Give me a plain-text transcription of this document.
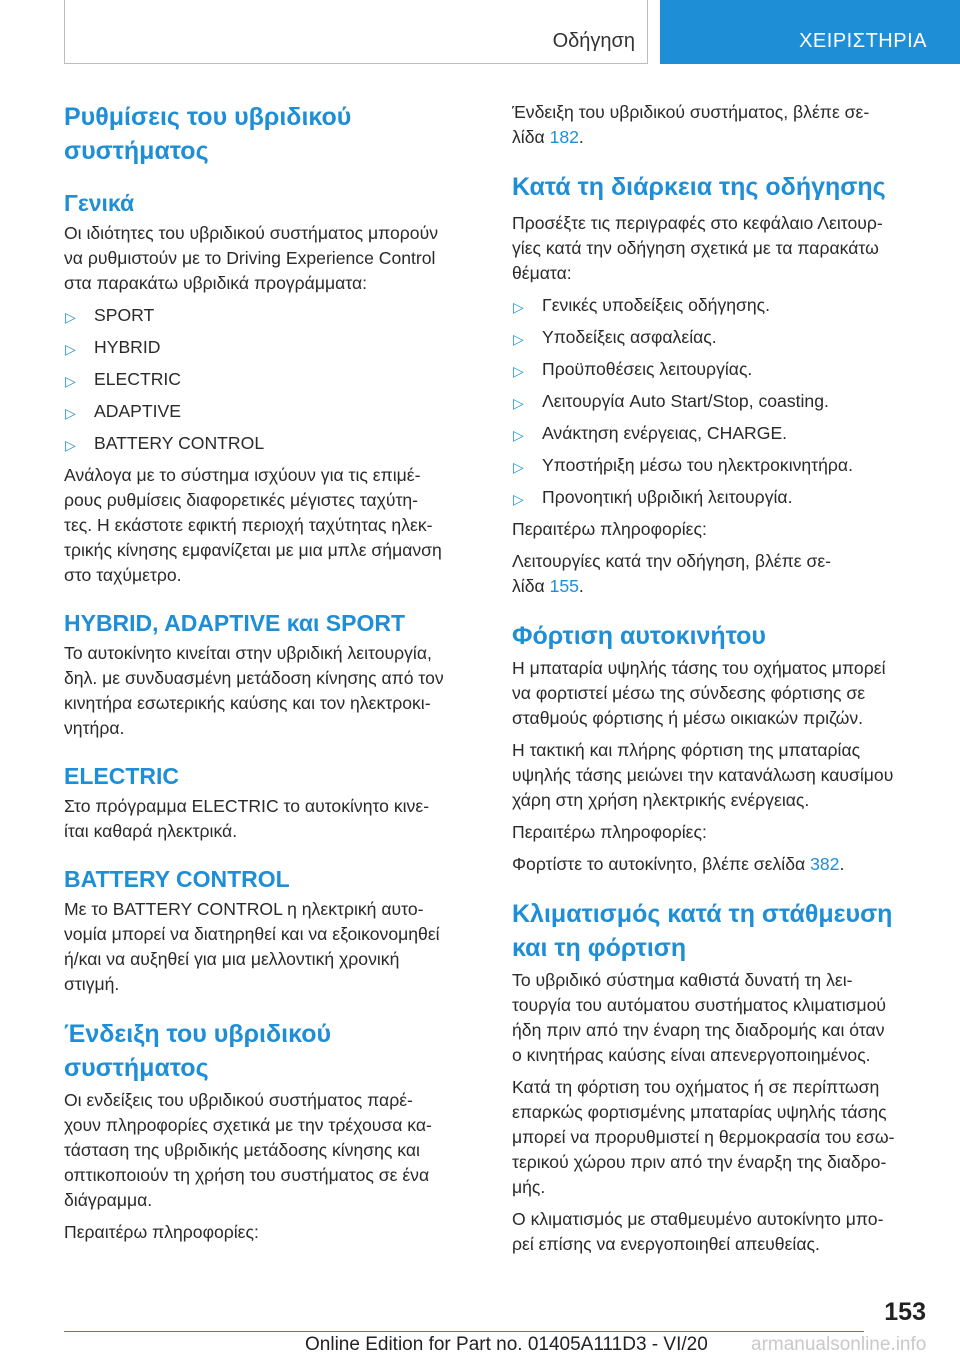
Οδήγηση	ΧΕΙΡΙΣΤΗΡΙΑ
Ρυθμίσεις του υβριδικού
συστήματος
Γενικά
Οι ιδιότητες του υβριδικού συστήματος μπορούν
να ρυθμιστούν με το Driving Experience Control
στα παρακάτω υβριδικά προγράμματα:
▷ SPORT
▷ HYBRID
▷ ELECTRIC
▷ ADAPTIVE
▷ BATTERY CONTROL
Ανάλογα με το σύστημα ισχύουν για τις επιμέ-
ρους ρυθμίσεις διαφορετικές μέγιστες ταχύτη-
τες. Η εκάστοτε εφικτή περιοχή ταχύτητας ηλεκ-
τρικής κίνησης εμφανίζεται με μια μπλε σήμανση
στο ταχύμετρο.
HYBRID, ADAPTIVE και SPORT
Το αυτοκίνητο κινείται στην υβριδική λειτουργία,
δηλ. με συνδυασμένη μετάδοση κίνησης από τον
κινητήρα εσωτερικής καύσης και τον ηλεκτροκι-
νητήρα.
ELECTRIC
Στο πρόγραμμα ELECTRIC το αυτοκίνητο κινε-
ίται καθαρά ηλεκτρικά.
BATTERY CONTROL
Με το BATTERY CONTROL η ηλεκτρική αυτο-
νομία μπορεί να διατηρηθεί και να εξοικονομηθεί
ή/και να αυξηθεί για μια μελλοντική χρονική
στιγμή.
Ένδειξη του υβριδικού
συστήματος
Οι ενδείξεις του υβριδικού συστήματος παρέ-
χουν πληροφορίες σχετικά με την τρέχουσα κα-
τάσταση της υβριδικής μετάδοσης κίνησης και
οπτικοποιούν τη χρήση του συστήματος σε ένα
διάγραμμα.
Περαιτέρω πληροφορίες:
Ένδειξη του υβριδικού συστήματος, βλέπε σε-
λίδα 182.
Κατά τη διάρκεια της οδήγησης
Προσέξτε τις περιγραφές στο κεφάλαιο Λειτουρ-
γίες κατά την οδήγηση σχετικά με τα παρακάτω
θέματα:
▷ Γενικές υποδείξεις οδήγησης.
▷ Υποδείξεις ασφαλείας.
▷ Προϋποθέσεις λειτουργίας.
▷ Λειτουργία Auto Start/Stop, coasting.
▷ Ανάκτηση ενέργειας, CHARGE.
▷ Υποστήριξη μέσω του ηλεκτροκινητήρα.
▷ Προνοητική υβριδική λειτουργία.
Περαιτέρω πληροφορίες:
Λειτουργίες κατά την οδήγηση, βλέπε σε-
λίδα 155.
Φόρτιση αυτοκινήτου
Η μπαταρία υψηλής τάσης του οχήματος μπορεί
να φορτιστεί μέσω της σύνδεσης φόρτισης σε
σταθμούς φόρτισης ή μέσω οικιακών πριζών.
Η τακτική και πλήρης φόρτιση της μπαταρίας
υψηλής τάσης μειώνει την κατανάλωση καυσίμου
χάρη στη χρήση ηλεκτρικής ενέργειας.
Περαιτέρω πληροφορίες:
Φορτίστε το αυτοκίνητο, βλέπε σελίδα 382.
Κλιματισμός κατά τη στάθμευση
και τη φόρτιση
Το υβριδικό σύστημα καθιστά δυνατή τη λει-
τουργία του αυτόματου συστήματος κλιματισμού
ήδη πριν από την έναρη της διαδρομής και όταν
ο κινητήρας καύσης είναι απενεργοποιημένος.
Κατά τη φόρτιση του οχήματος ή σε περίπτωση
επαρκώς φορτισμένης μπαταρίας υψηλής τάσης
μπορεί να προρυθμιστεί η θερμοκρασία του εσω-
τερικού χώρου πριν από την έναρξη της διαδρο-
μής.
Ο κλιματισμός με σταθμευμένο αυτοκίνητο μπο-
ρεί επίσης να ενεργοποιηθεί απευθείας.
153
Online Edition for Part no. 01405A111D3 - VI/20 armanualsonline.info
